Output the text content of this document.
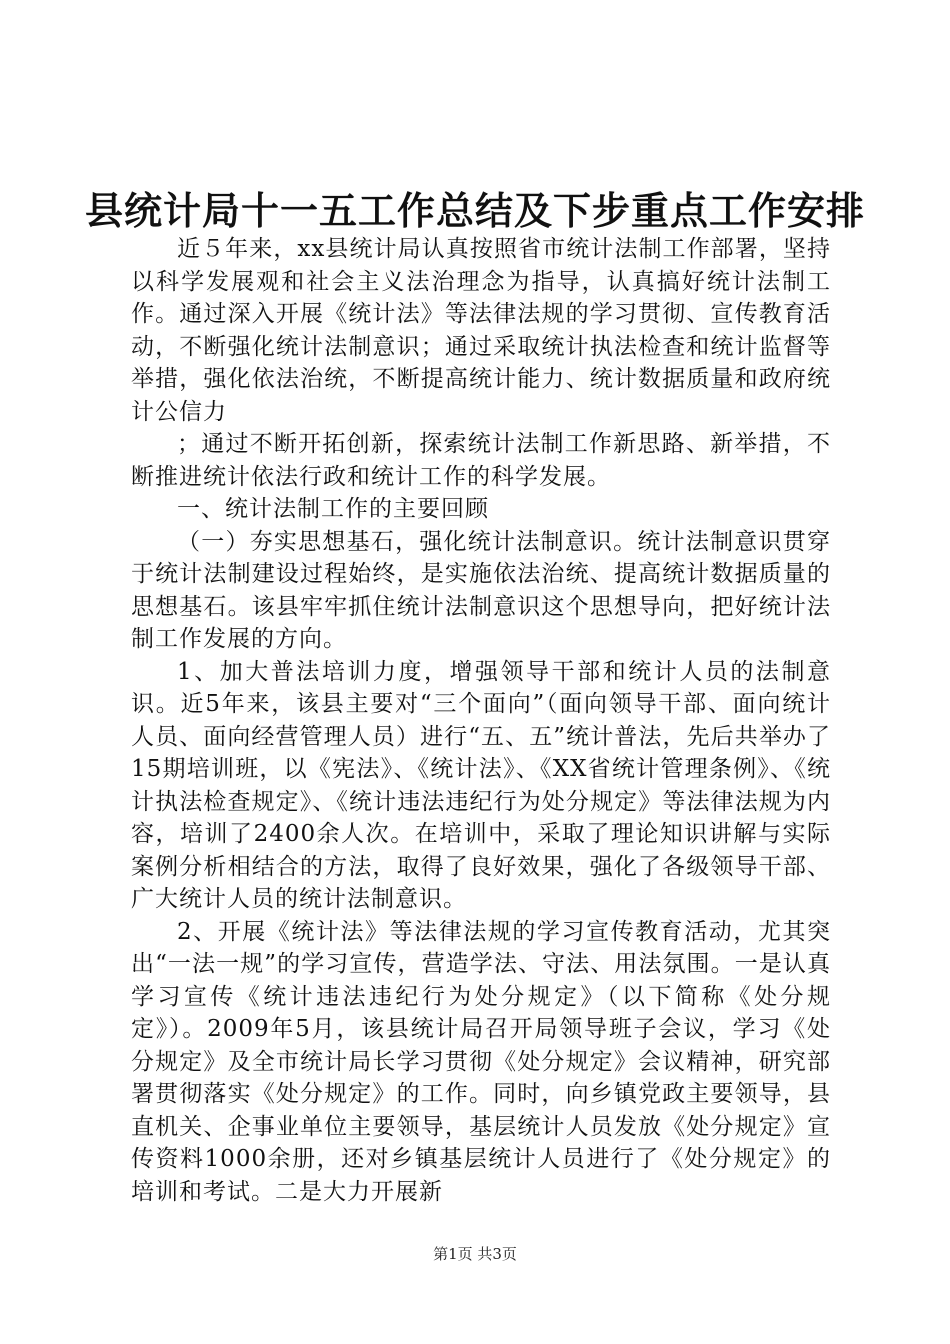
县统计局十一五工作总结及下步重点工作安排

近５年来，xx县统计局认真按照省市统计法制工作部署，坚持以科学发展观和社会主义法治理念为指导，认真搞好统计法制工作。通过深入开展《统计法》等法律法规的学习贯彻、宣传教育活动，不断强化统计法制意识；通过采取统计执法检查和统计监督等举措，强化依法治统，不断提高统计能力、统计数据质量和政府统计公信力

；通过不断开拓创新，探索统计法制工作新思路、新举措，不断推进统计依法行政和统计工作的科学发展。

一、统计法制工作的主要回顾

（一）夯实思想基石，强化统计法制意识。统计法制意识贯穿于统计法制建设过程始终，是实施依法治统、提高统计数据质量的思想基石。该县牢牢抓住统计法制意识这个思想导向，把好统计法制工作发展的方向。

1、加大普法培训力度，增强领导干部和统计人员的法制意识。近5年来，该县主要对“三个面向”（面向领导干部、面向统计人员、面向经营管理人员）进行“五、五”统计普法，先后共举办了15期培训班，以《宪法》、《统计法》、《XX省统计管理条例》、《统计执法检查规定》、《统计违法违纪行为处分规定》等法律法规为内容，培训了2400余人次。在培训中，采取了理论知识讲解与实际案例分析相结合的方法，取得了良好效果，强化了各级领导干部、广大统计人员的统计法制意识。

2、开展《统计法》等法律法规的学习宣传教育活动，尤其突出“一法一规”的学习宣传，营造学法、守法、用法氛围。一是认真学习宣传《统计违法违纪行为处分规定》（以下简称《处分规定》）。2009年5月，该县统计局召开局领导班子会议，学习《处分规定》及全市统计局长学习贯彻《处分规定》会议精神，研究部署贯彻落实《处分规定》的工作。同时，向乡镇党政主要领导，县直机关、企事业单位主要领导，基层统计人员发放《处分规定》宣传资料1000余册，还对乡镇基层统计人员进行了《处分规定》的培训和考试。二是大力开展新

第1页 共3页
